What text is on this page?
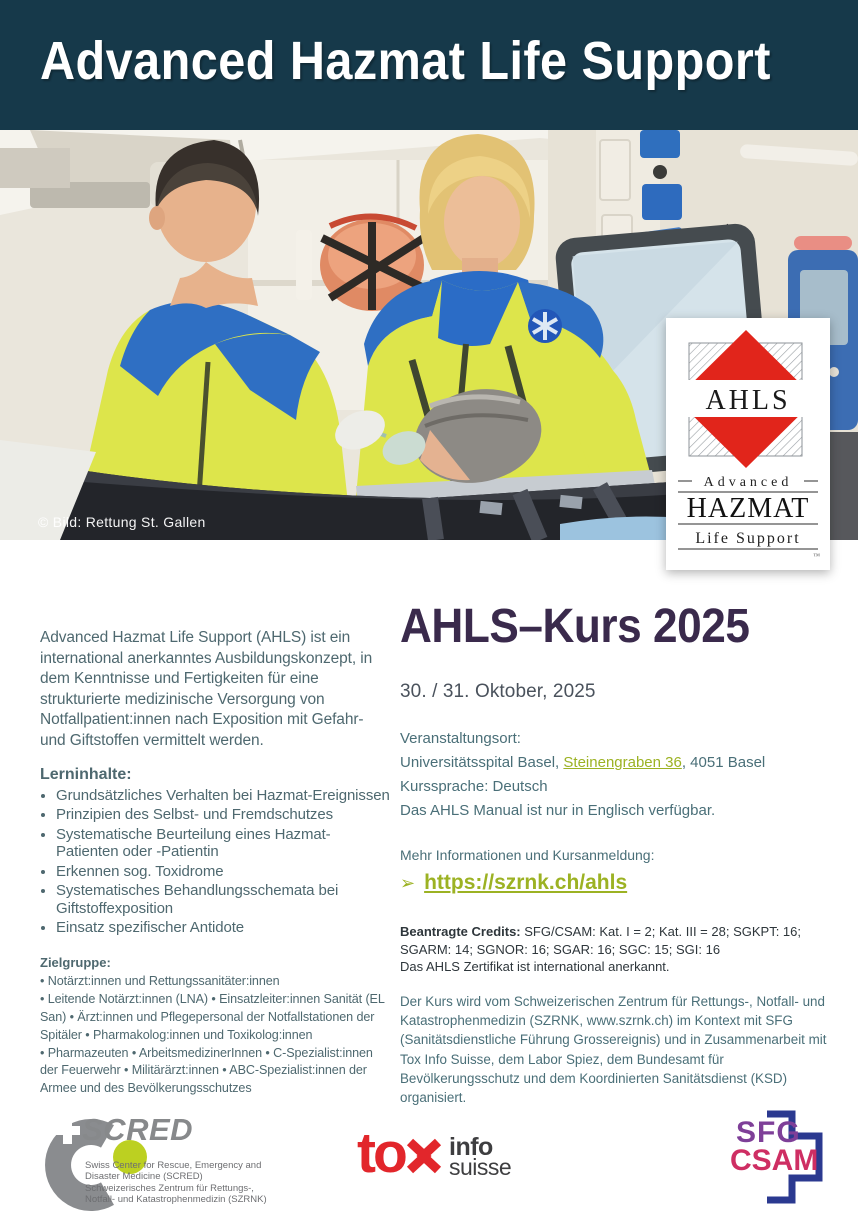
Advanced Hazmat Life Support
© Bild: Rettung St. Gallen
AHLS
Advanced
HAZMAT
Life Support
™

Advanced Hazmat Life Support (AHLS) ist ein international anerkanntes Ausbildungskonzept, in dem Kenntnisse und Fertigkeiten für eine strukturierte medizinische Versorgung von Notfallpatient:innen nach Exposition mit Gefahr- und Giftstoffen vermittelt werden.

Lerninhalte:
• Grundsätzliches Verhalten bei Hazmat-Ereignissen
• Prinzipien des Selbst- und Fremdschutzes
• Systematische Beurteilung eines Hazmat-Patienten oder -Patientin
• Erkennen sog. Toxidrome
• Systematisches Behandlungsschemata bei Giftstoffexposition
• Einsatz spezifischer Antidote
Zielgruppe:
• Notärzt:innen und Rettungssanitäter:innen
• Leitende Notärzt:innen (LNA) • Einsatzleiter:innen Sanität (EL San) • Ärzt:innen und Pflegepersonal der Notfallstationen der Spitäler • Pharmakolog:innen und Toxikolog:innen
• Pharmazeuten • ArbeitsmedizinerInnen • C-Spezialist:innen der Feuerwehr • Militärärzt:innen • ABC-Spezialist:innen der Armee und des Bevölkerungsschutzes
AHLS–Kurs 2025
30. / 31. Oktober, 2025
Veranstaltungsort:
Universitätsspital Basel, Steinengraben 36, 4051 Basel
Kurssprache: Deutsch
Das AHLS Manual ist nur in Englisch verfügbar.
Mehr Informationen und Kursanmeldung:
➢ https://szrnk.ch/ahls

Beantragte Credits: SFG/CSAM: Kat. I = 2; Kat. III = 28; SGKPT: 16; SGARM: 14; SGNOR: 16; SGAR: 16; SGC: 15; SGI: 16
Das AHLS Zertifikat ist international anerkannt.

Der Kurs wird vom Schweizerischen Zentrum für Rettungs-, Notfall- und Katastrophenmedizin (SZRNK, www.szrnk.ch) im Kontext mit SFG (Sanitätsdienstliche Führung Grossereignis) und in Zusammenarbeit mit Tox Info Suisse, dem Labor Spiez, dem Bundesamt für Bevölkerungsschutz und dem Koordinierten Sanitätsdienst (KSD) organisiert.

SCRED
Swiss Center for Rescue, Emergency and
Disaster Medicine (SCRED)
Schweizerisches Zentrum für Rettungs-,
Notfall- und Katastrophenmedizin (SZRNK)
to info
suisse
SFG
CSAM
